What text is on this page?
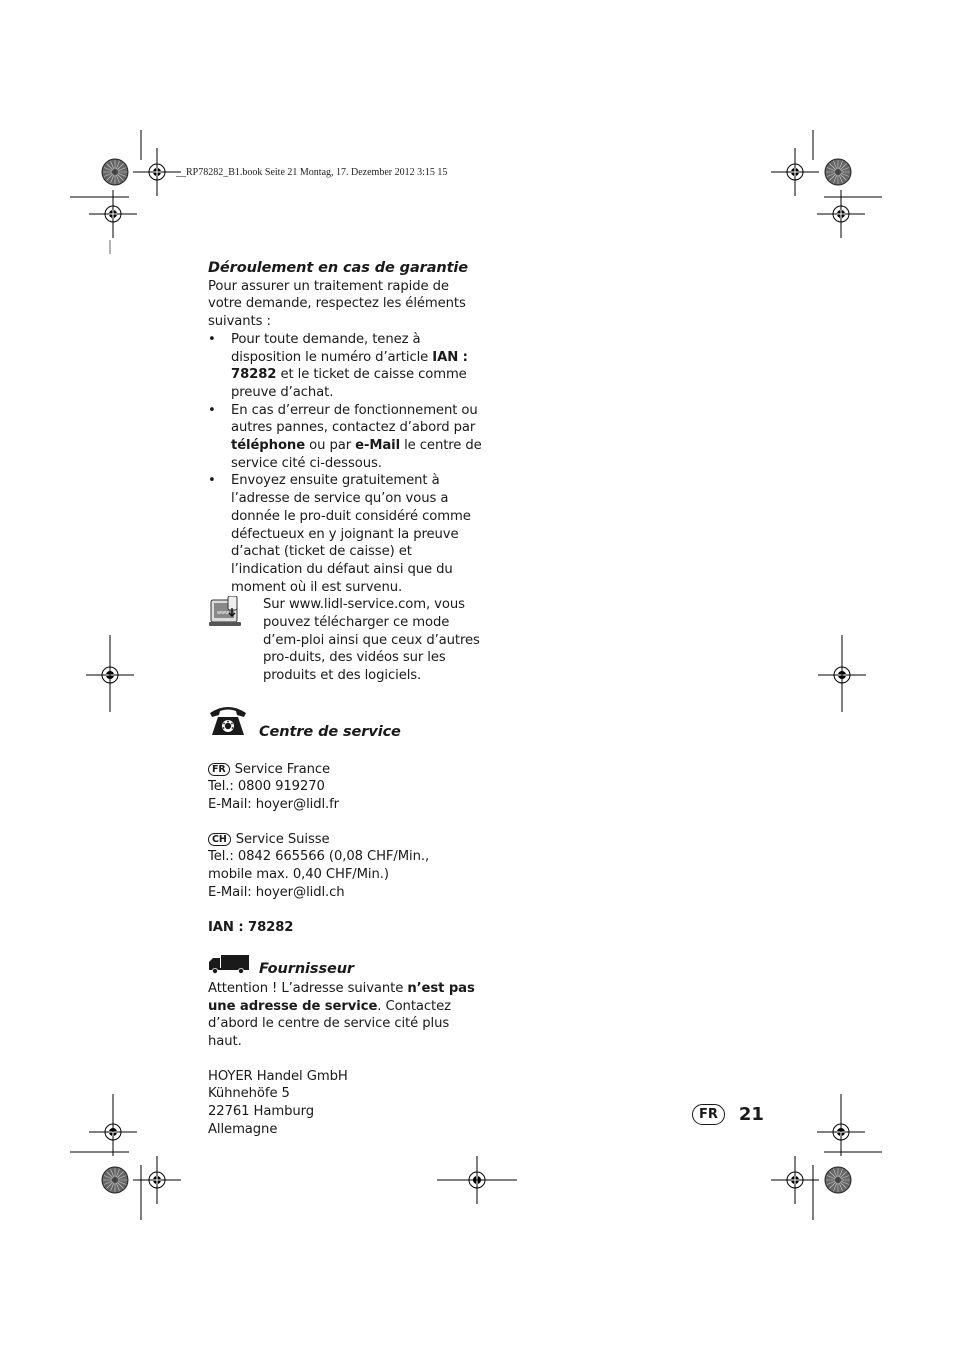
__RP78282_B1.book Seite 21 Montag, 17. Dezember 2012 3:15 15

Déroulement en cas de garantie

Pour assurer un traitement rapide de votre demande, respectez les éléments suivants :

•	Pour toute demande, tenez à disposition le numéro d’article IAN : 78282 et le ticket de caisse comme preuve d’achat.
•	En cas d’erreur de fonctionnement ou autres pannes, contactez d’abord par téléphone ou par e-Mail le centre de service cité ci-dessous.
•	Envoyez ensuite gratuitement à l’adresse de service qu’on vous a donnée le pro-duit considéré comme défectueux en y joignant la preuve d’achat (ticket de caisse) et l’indication du défaut ainsi que du moment où il est survenu.
www
Sur www.lidl-service.com, vous pouvez télécharger ce mode d’em-ploi ainsi que ceux d’autres pro-duits, des vidéos sur les produits et des logiciels.
Centre de service

FR Service France

Tel.: 0800 919270

E-Mail: hoyer@lidl.fr

CH Service Suisse

Tel.: 0842 665566 (0,08 CHF/Min.,

mobile max. 0,40 CHF/Min.)

E-Mail: hoyer@lidl.ch

IAN : 78282

Fournisseur

Attention ! L’adresse suivante n’est pas une adresse de service. Contactez d’abord le centre de service cité plus haut.

HOYER Handel GmbH

Kühnehöfe 5

22761 Hamburg

Allemagne

FR	21
